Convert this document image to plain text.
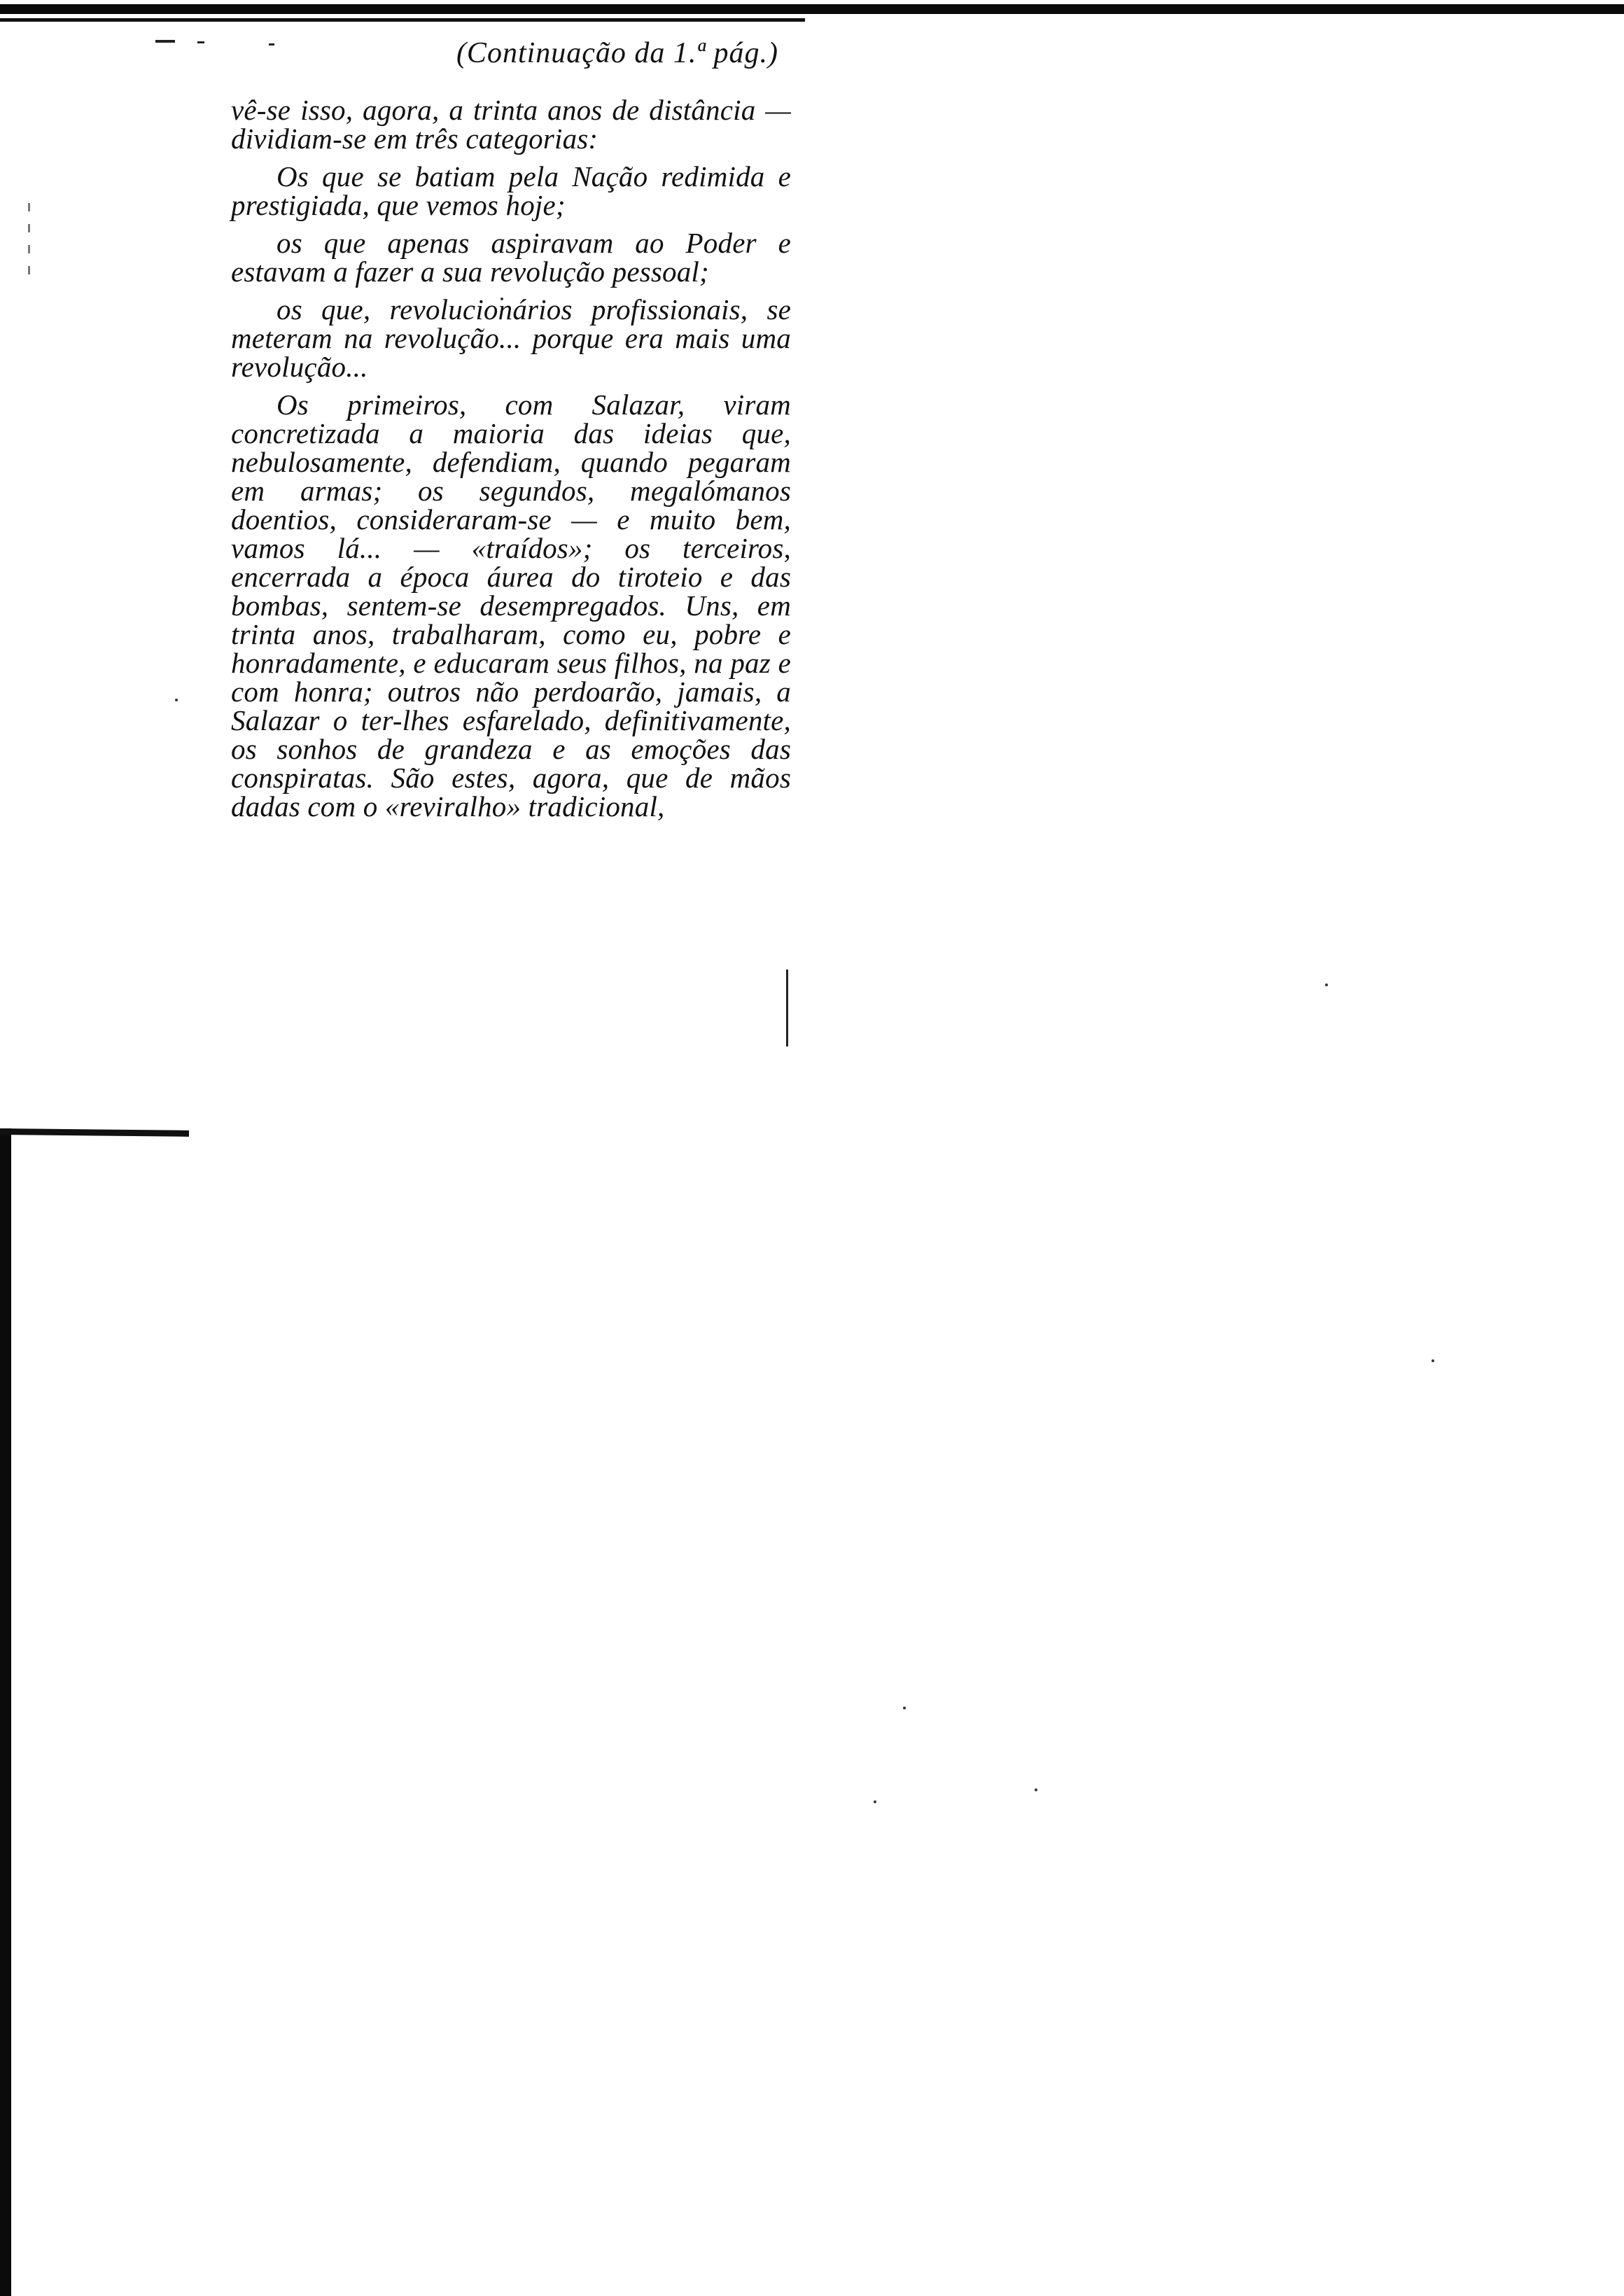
(Continuação da 1.ª pág.)

vê-se isso, agora, a trinta anos de distância — dividiam-se em três categorias:

Os que se batiam pela Nação redimida e prestigiada, que vemos hoje;

os que apenas aspiravam ao Poder e estavam a fazer a sua revolução pessoal;

os que, revolucionários profissionais, se meteram na revolução... porque era mais uma revolução...

Os primeiros, com Salazar, viram concretizada a maioria das ideias que, nebulosamente, defendiam, quando pegaram em armas; os segundos, megalómanos doentios, consideraram-se — e muito bem, vamos lá... — «traídos»; os terceiros, encerrada a época áurea do tiroteio e das bombas, sentem-se desempregados. Uns, em trinta anos, trabalharam, como eu, pobre e honradamente, e educaram seus filhos, na paz e com honra; outros não perdoarão, jamais, a Salazar o ter-lhes esfarelado, definitivamente, os sonhos de grandeza e as emoções das conspiratas. São estes, agora, que de mãos dadas com o «reviralho» tradicional,
